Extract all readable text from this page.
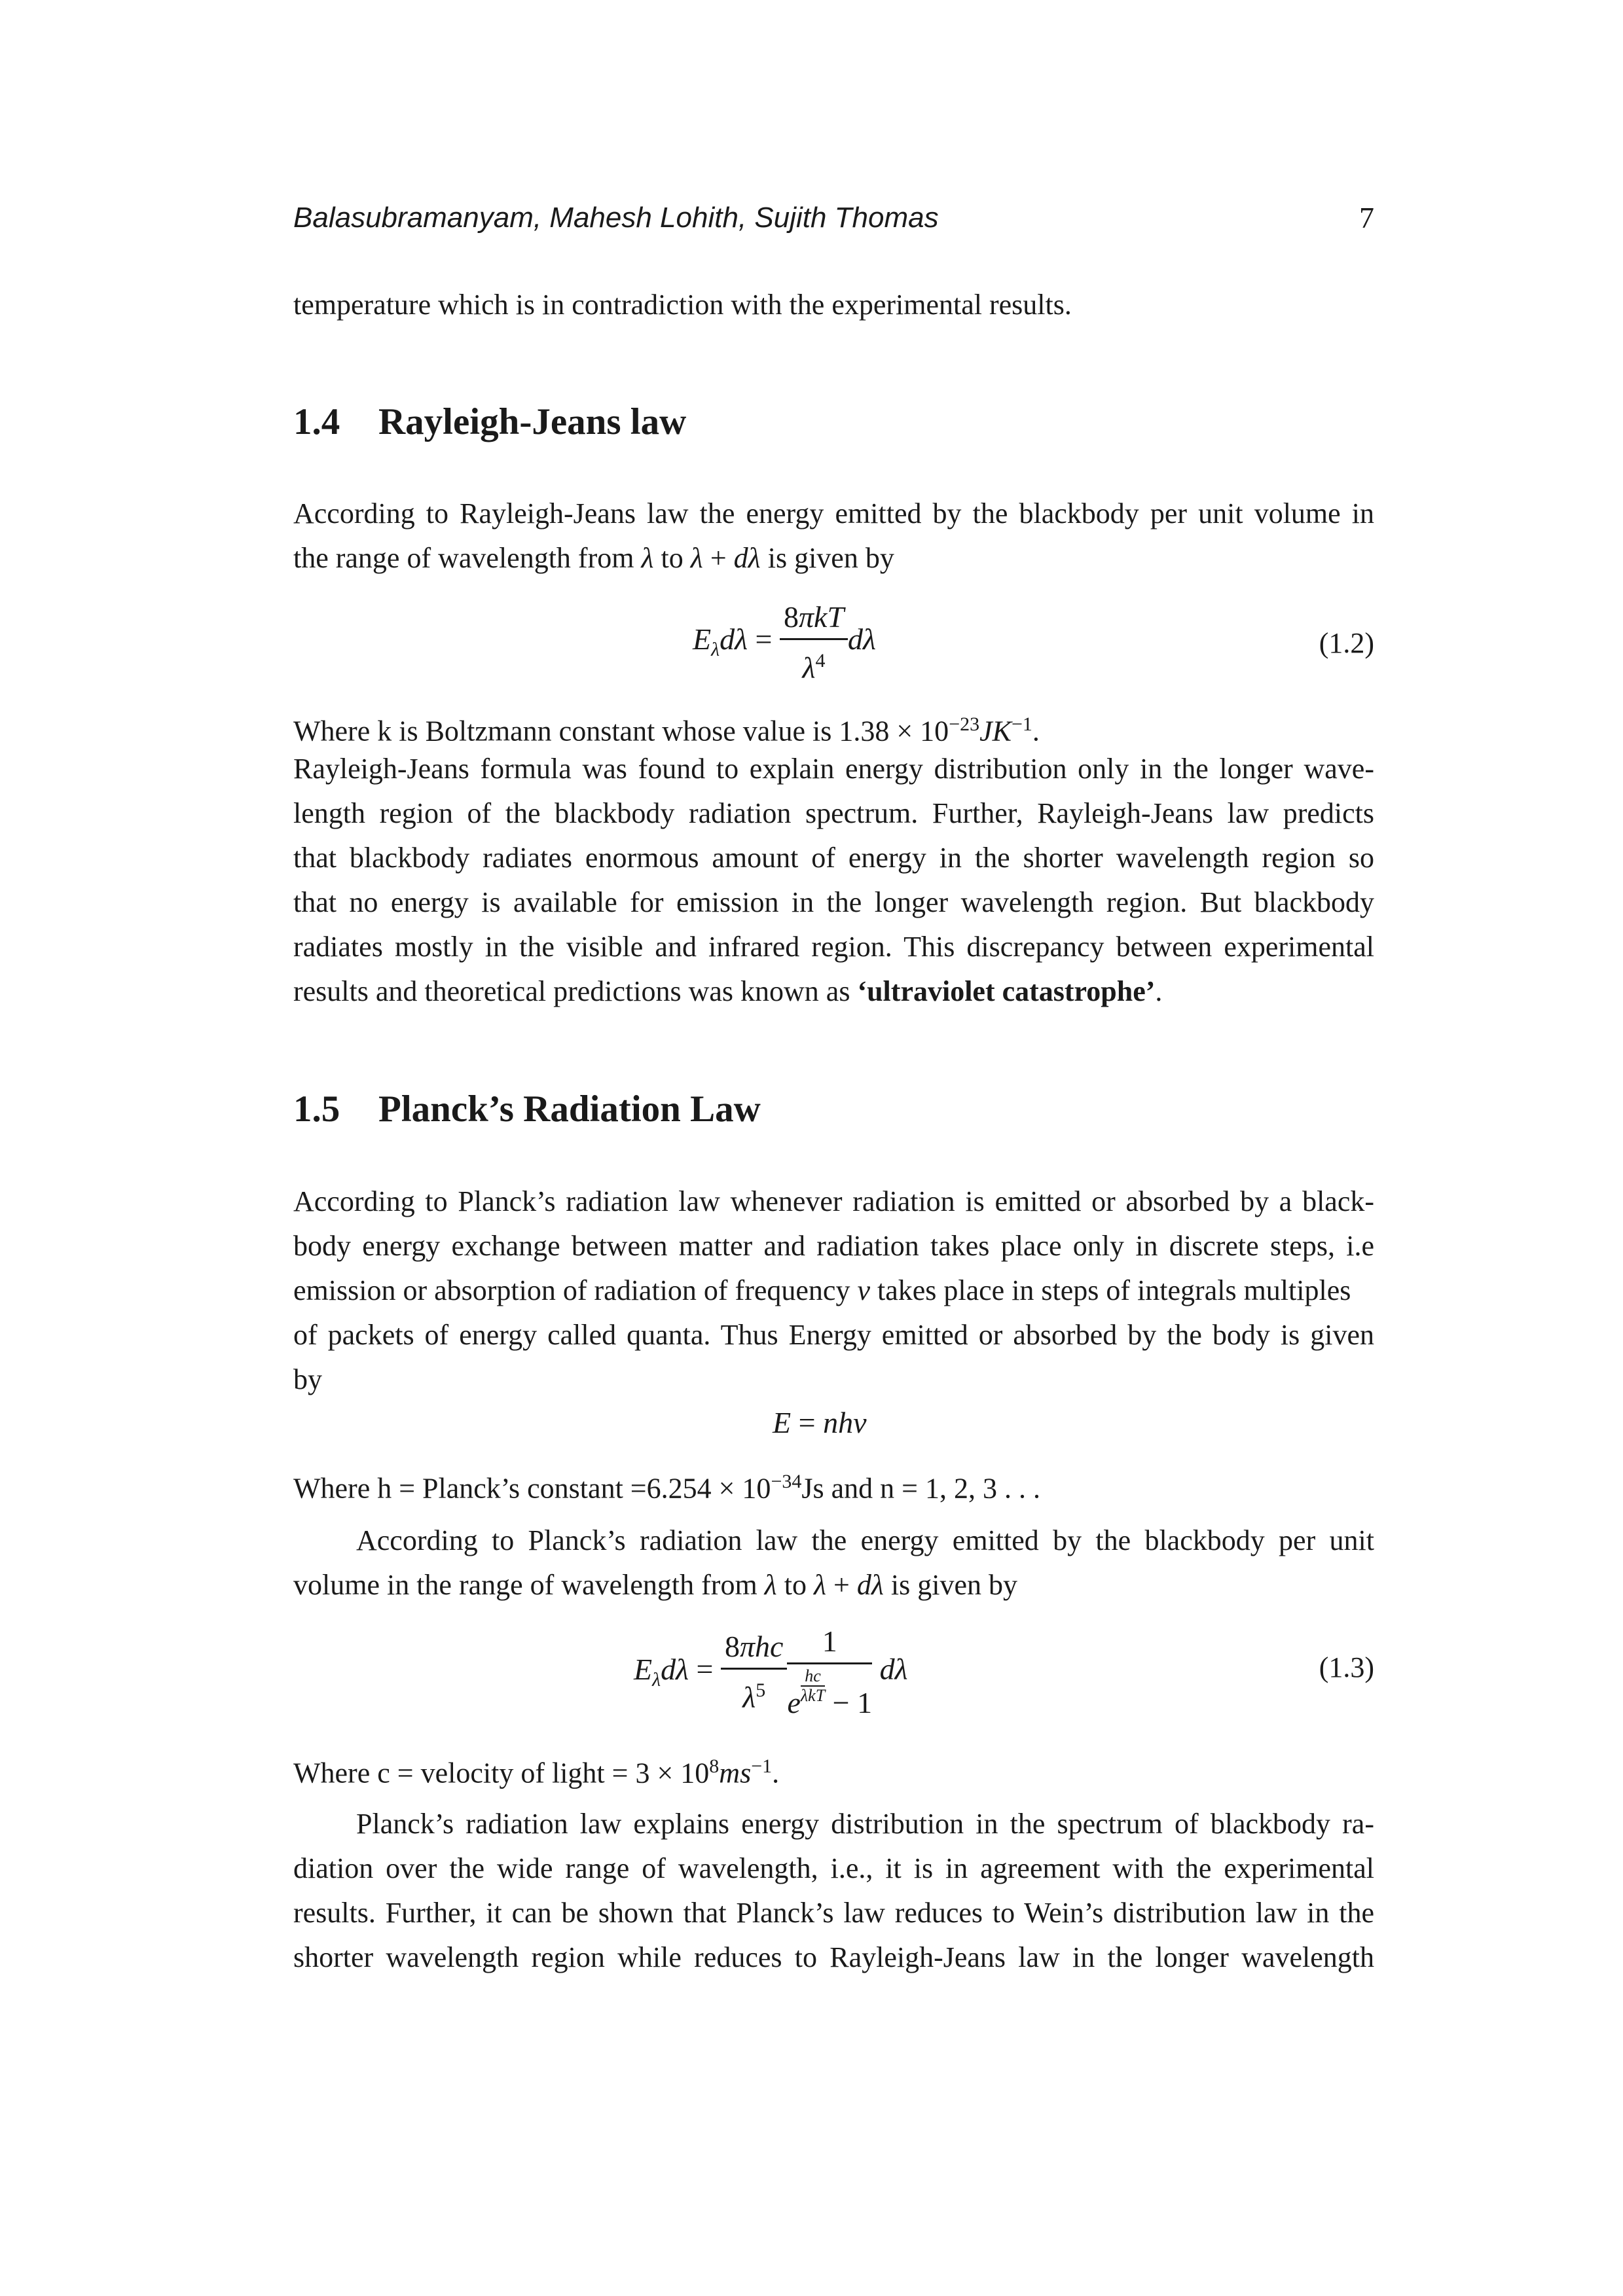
Balasubramanyam, Mahesh Lohith, Sujith Thomas	7
temperature which is in contradiction with the experimental results.
1.4 Rayleigh-Jeans law
According to Rayleigh-Jeans law the energy emitted by the blackbody per unit volume in
the range of wavelength from λ to λ + dλ is given by
$E_\lambda d\lambda = \frac{\text{8πkT}}{\lambda^4}$ dλ	(1.2)
Where k is Boltzmann constant whose value is $1.38 \times 10^{-23}JK^{-1}$.
Rayleigh-Jeans formula was found to explain energy distribution only in the longer wave-
length region of the blackbody radiation spectrum. Further, Rayleigh-Jeans law predicts
that blackbody radiates enormous amount of energy in the shorter wavelength region so
that no energy is available for emission in the longer wavelength region. But blackbody
radiates mostly in the visible and infrared region. This discrepancy between experimental
results and theoretical predictions was known as ‘ultraviolet catastrophe’.
1.5 Planck’s Radiation Law
According to Planck’s radiation law whenever radiation is emitted or absorbed by a black-
body energy exchange between matter and radiation takes place only in discrete steps, i.e
emission or absorption of radiation of frequency ν takes place in steps of integrals multiples
of packets of energy called quanta. Thus Energy emitted or absorbed by the body is given
by
E = nhν
Where h = Planck’s constant $=6.254 \times 10^{-34}Js$ and n = 1, 2, 3 . . .
According to Planck’s radiation law the energy emitted by the blackbody per unit
volume in the range of wavelength from λ to λ + dλ is given by
$E_\lambda d\lambda = \frac{\text{8πhc}}{\lambda^5} \frac{1}{e \frac{hc}{\text{λkT}} - 1}$ dλ	(1.3)
Where c = velocity of light = $3 \times 10^8ms^{-1}$.
Planck’s radiation law explains energy distribution in the spectrum of blackbody ra-
diation over the wide range of wavelength, i.e., it is in agreement with the experimental
results. Further, it can be shown that Planck’s law reduces to Wein’s distribution law in the
shorter wavelength region while reduces to Rayleigh-Jeans law in the longer wavelength
